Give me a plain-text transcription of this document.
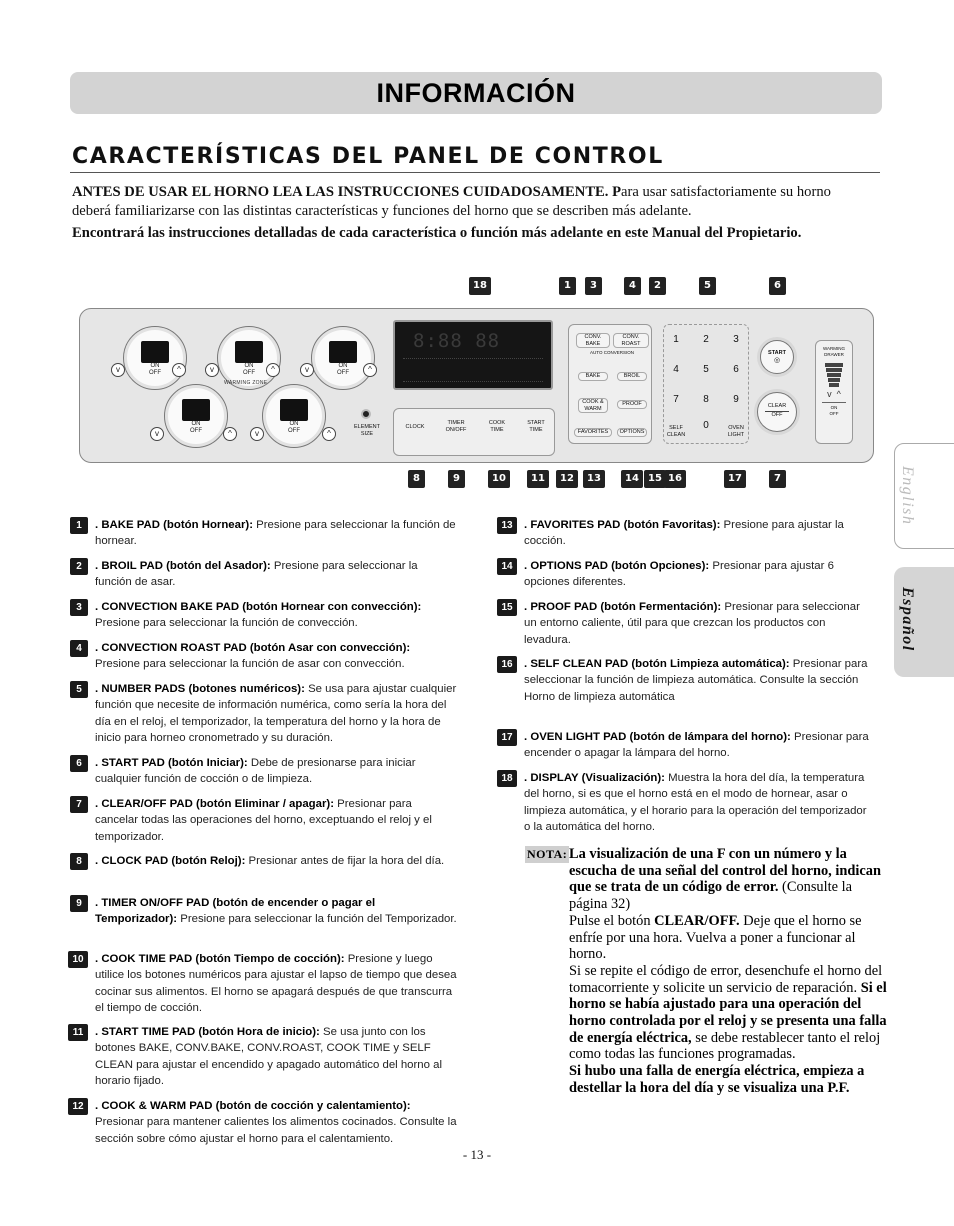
INFORMACIÓN
CARACTERÍSTICAS DEL PANEL DE CONTROL
ANTES DE USAR EL HORNO LEA LAS INSTRUCCIONES CUIDADOSAMENTE. Para usar satisfactoriamente su horno deberá familiarizarse con las distintas características y funciones del horno que se describen más adelante.
Encontrará las instrucciones detalladas de cada característica o función más adelante en este Manual del Propietario.
ON
OFF
ON
OFF
ON
OFF
ON
OFF
ON
OFF
v	^	v	^	v	^
v	^	v	^
WARMING ZONE
ELEMENT
SIZE
8:88 88
CLOCK
TIMER
ON/OFF
COOK
TIME
START
TIME
CONV.
BAKE
CONV.
ROAST
AUTO CONVERSION
BAKE	BROIL
COOK &
WARM
PROOF
FAVORITES	OPTIONS
SELF
CLEAN
OVEN
LIGHT
START
◎
CLEAR
OFF
WARMING
DRAWER
v  ^
ON
OFF
NOTA: La visualización de una F con un número y la escucha de una señal del control del horno, indican que se trata de un código de error. (Consulte la página 32)
Pulse el botón CLEAR/OFF. Deje que el horno se enfríe por una hora. Vuelva a poner a funcionar al horno.
Si se repite el código de error, desenchufe el horno del tomacorriente y solicite un servicio de reparación. Si el horno se había ajustado para una operación del horno controlada por el reloj y se presenta una falla de energía eléctrica, se debe restablecer tanto el reloj como todas las funciones programadas.
Si hubo una falla de energía eléctrica, empieza a destellar la hora del día y se visualiza una P.F.
English
Español
- 13 -
1	2	3
4	5	6
7	8	9
0
18	1	3	4	2	5	6
8	9	10	11	12	13	14 15 16	17	7
1	. BAKE PAD (botón Hornear): Presione para seleccionar la función de hornear.
2	. BROIL PAD (botón del Asador): Presione para seleccionar la función de asar.
3	. CONVECTION BAKE PAD (botón Hornear con convección): Presione para seleccionar la función de convección.
4	. CONVECTION ROAST PAD (botón Asar con convección): Presione para seleccionar la función de asar con convección.
5	. NUMBER PADS (botones numéricos): Se usa para ajustar cualquier función que necesite de información numérica, como sería la hora del día en el reloj, el temporizador, la temperatura del horno y la hora de inicio para horneo cronometrado y su duración.
6	. START PAD (botón Iniciar): Debe de presionarse para iniciar cualquier función de cocción o de limpieza.
7	. CLEAR/OFF PAD (botón Eliminar / apagar): Presionar para cancelar todas las operaciones del horno, exceptuando el reloj y el temporizador.
8	. CLOCK PAD (botón Reloj): Presionar antes de fijar la hora del día.
9	. TIMER ON/OFF PAD (botón de encender o pagar el Temporizador): Presione para seleccionar la función del Temporizador.
10	. COOK TIME PAD (botón Tiempo de cocción): Presione y luego utilice los botones numéricos para ajustar el lapso de tiempo que desea cocinar sus alimentos. El horno se apagará después de que transcurra el tiempo de cocción.
11	. START TIME PAD (botón Hora de inicio): Se usa junto con los botones BAKE, CONV.BAKE, CONV.ROAST, COOK TIME y SELF CLEAN para ajustar el encendido y apagado automático del horno al horario fijado.
12	. COOK & WARM PAD (botón de cocción y calentamiento): Presionar para mantener calientes los alimentos cocinados. Consulte la sección sobre cómo ajustar el horno para el calentamiento.
13	. FAVORITES PAD (botón Favoritas): Presione para ajustar la cocción.
14	. OPTIONS PAD (botón Opciones): Presionar para ajustar 6 opciones diferentes.
15	. PROOF PAD (botón Fermentación): Presionar para seleccionar un entorno caliente, útil para que crezcan los productos con levadura.
16	. SELF CLEAN PAD (botón Limpieza automática): Presionar para seleccionar la función de limpieza automática. Consulte la sección Horno de limpieza automática
17	. OVEN LIGHT PAD (botón de lámpara del horno): Presionar para encender o apagar la lámpara del horno.
18	. DISPLAY (Visualización): Muestra la hora del día, la temperatura del horno, si es que el horno está en el modo de hornear, asar o limpieza automática, y el horario para la operación del temporizador o la automática del horno.
